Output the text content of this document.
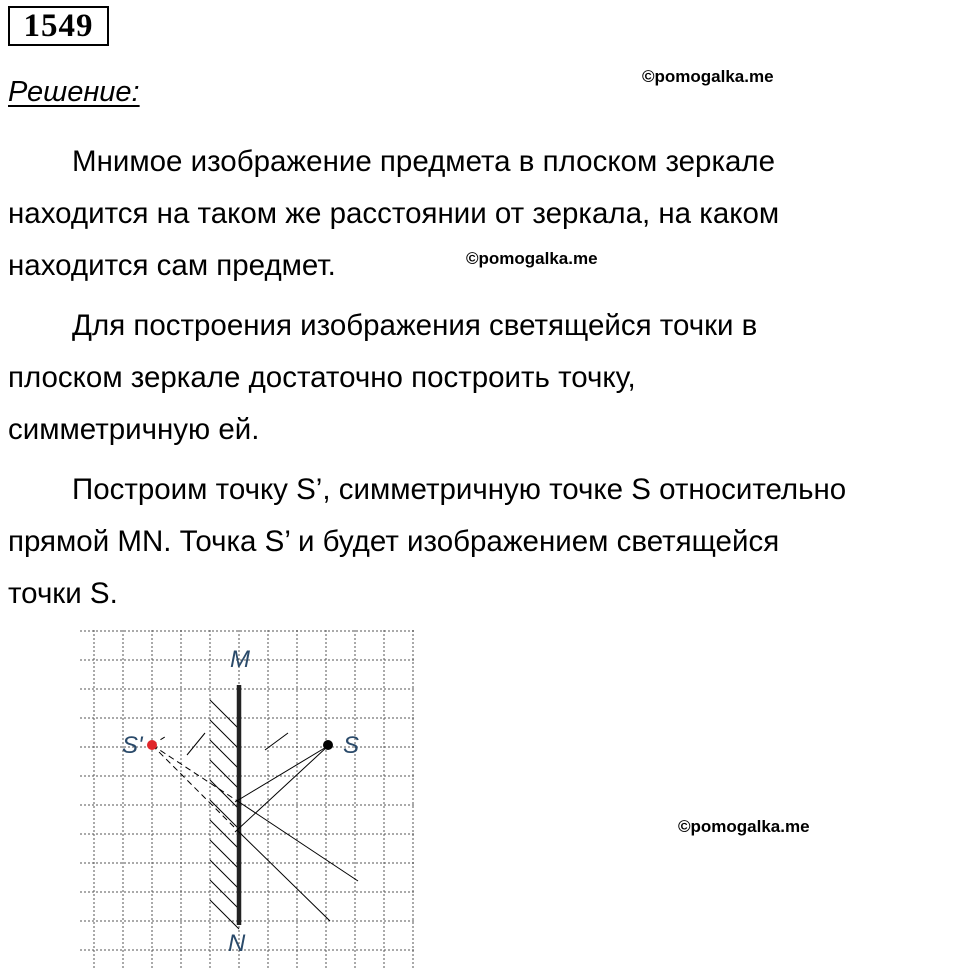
1549
Решение:	©pomogalka.me
©pomogalka.me
©pomogalka.me

Мнимое изображение предмета в плоском зеркале
находится на таком же расстоянии от зеркала, на каком
находится сам предмет.

Для построения изображения светящейся точки в
плоском зеркале достаточно построить точку,
симметричную ей.

Построим точку S’, симметричную точке S относительно
прямой MN. Точка S’ и будет изображением светящейся
точки S.

M
N
S
S'
